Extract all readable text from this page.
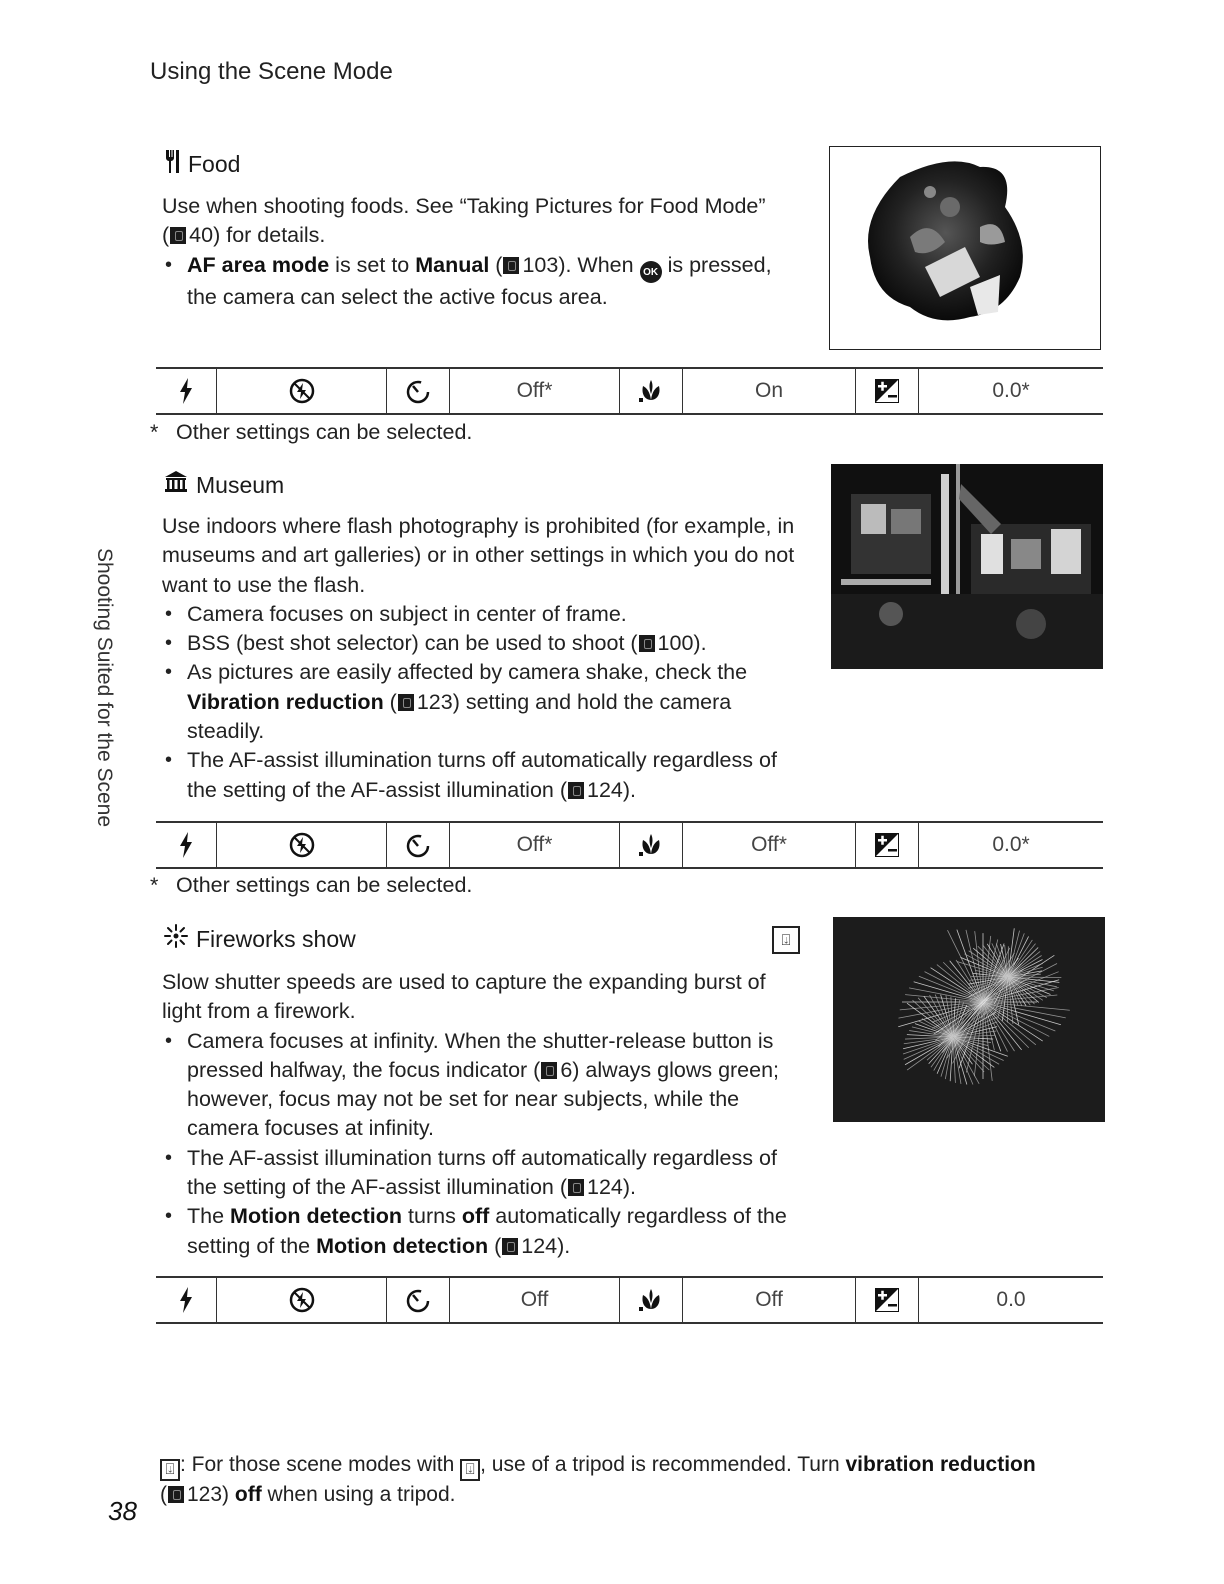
Using the Scene Mode
Shooting Suited for the Scene
Food

Use when shooting foods. See “Taking Pictures for Food Mode”
( 40) for details.

• AF area mode is set to Manual ( 103). When OK is pressed, the camera can select the active focus area.
Off*	On	0.0*
* Other settings can be selected.
Museum

Use indoors where flash photography is prohibited (for example, in museums and art galleries) or in other settings in which you do not want to use the flash.

• Camera focuses on subject in center of frame.
• BSS (best shot selector) can be used to shoot ( 100).
• As pictures are easily affected by camera shake, check the Vibration reduction ( 123) setting and hold the camera steadily.
• The AF-assist illumination turns off automatically regardless of the setting of the AF-assist illumination ( 124).
Off*	Off*	0.0*
* Other settings can be selected.
Fireworks show	⍗

Slow shutter speeds are used to capture the expanding burst of light from a firework.

• Camera focuses at infinity. When the shutter-release button is pressed halfway, the focus indicator ( 6) always glows green; however, focus may not be set for near subjects, while the camera focuses at infinity.
• The AF-assist illumination turns off automatically regardless of the setting of the AF-assist illumination ( 124).
• The Motion detection turns off automatically regardless of the setting of the Motion detection ( 124).
Off	Off	0.0
⍗ : For those scene modes with ⍗ , use of a tripod is recommended. Turn vibration reduction
( 123) off when using a tripod.
38
